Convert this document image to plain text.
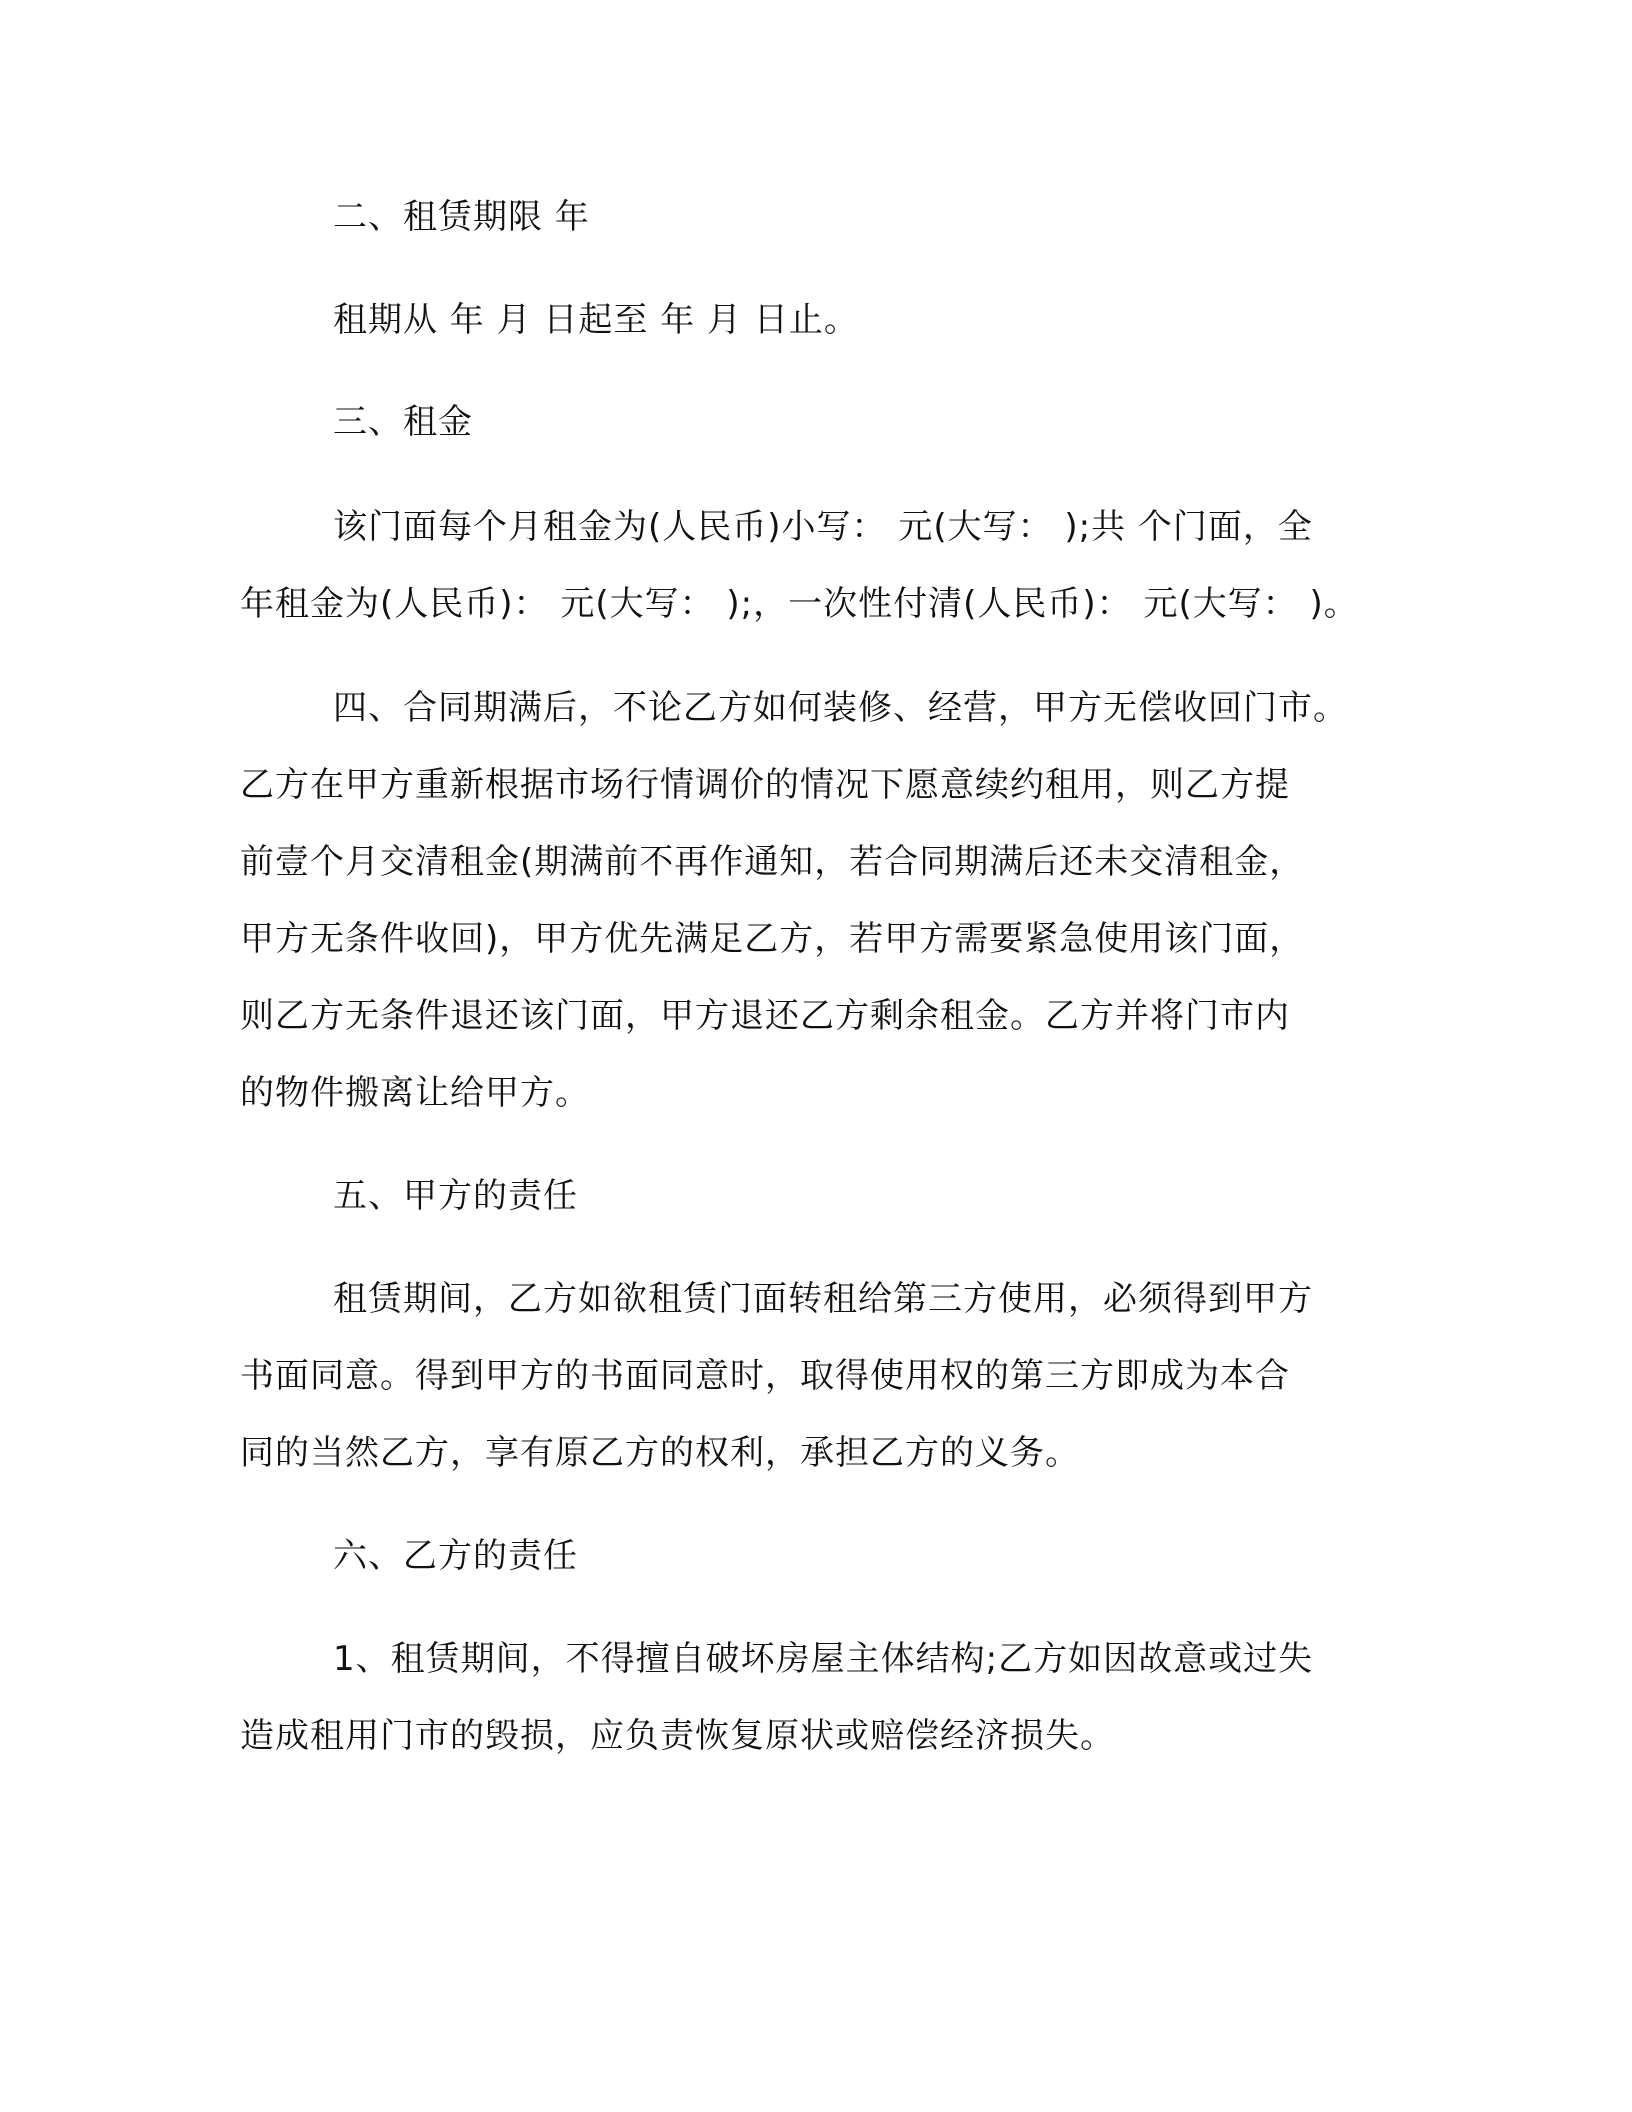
二、租赁期限 年
租期从 年 月 日起至 年 月 日止。
三、租金
该门面每个月租金为(人民币)小写： 元(大写： );共 个门面，全
年租金为(人民币)： 元(大写： );，一次性付清(人民币)： 元(大写： )。
四、合同期满后，不论乙方如何装修、经营，甲方无偿收回门市。
乙方在甲方重新根据市场行情调价的情况下愿意续约租用，则乙方提
前壹个月交清租金(期满前不再作通知，若合同期满后还未交清租金，
甲方无条件收回)，甲方优先满足乙方，若甲方需要紧急使用该门面，
则乙方无条件退还该门面，甲方退还乙方剩余租金。乙方并将门市内
的物件搬离让给甲方。
五、甲方的责任
租赁期间，乙方如欲租赁门面转租给第三方使用，必须得到甲方
书面同意。得到甲方的书面同意时，取得使用权的第三方即成为本合
同的当然乙方，享有原乙方的权利，承担乙方的义务。
六、乙方的责任
1、租赁期间，不得擅自破坏房屋主体结构;乙方如因故意或过失
造成租用门市的毁损，应负责恢复原状或赔偿经济损失。
